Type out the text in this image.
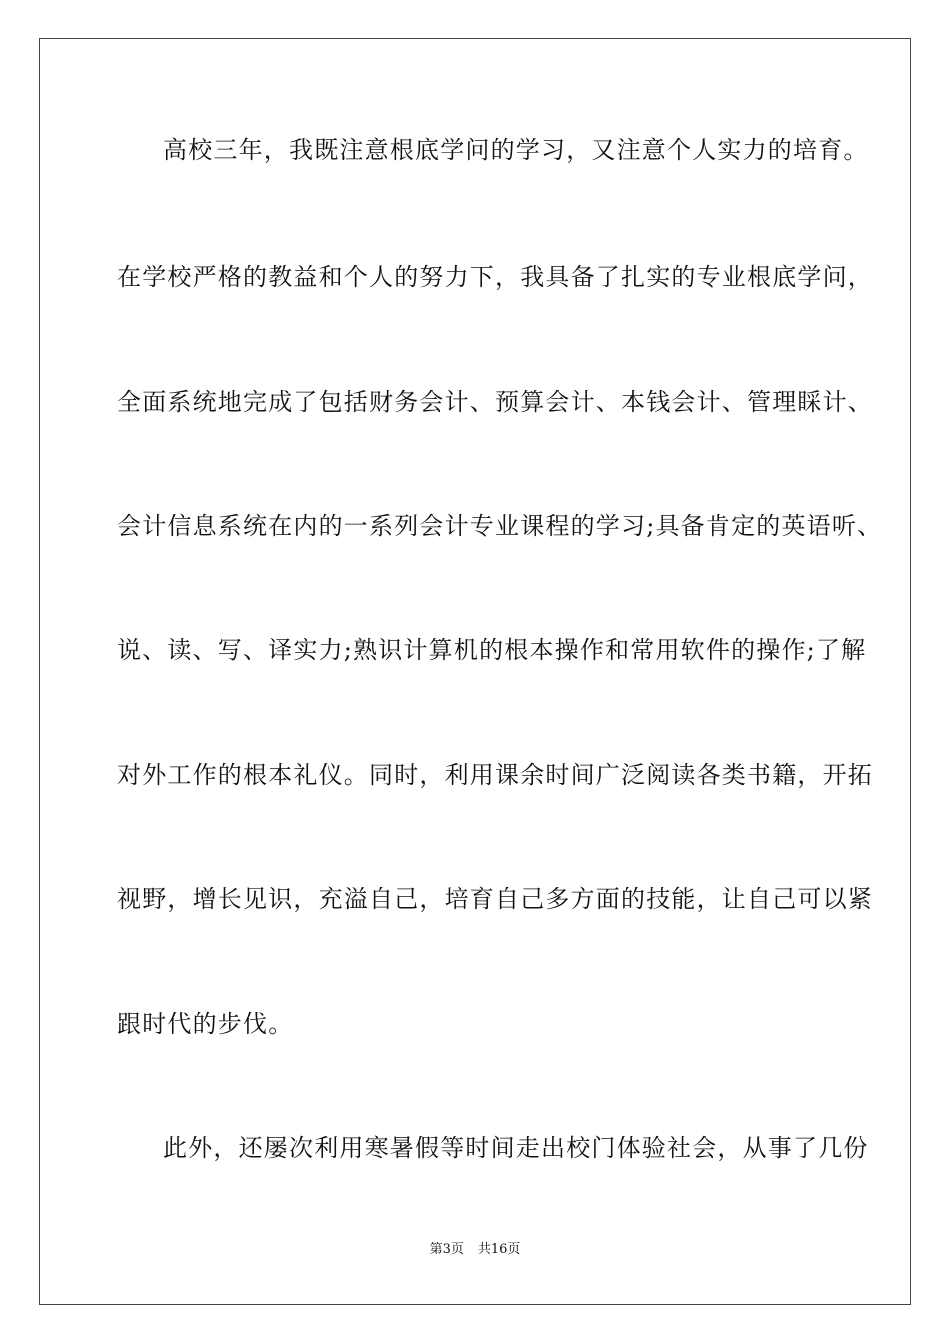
高校三年，我既注意根底学问的学习，又注意个人实力的培育。
在学校严格的教益和个人的努力下，我具备了扎实的专业根底学问，
全面系统地完成了包括财务会计、预算会计、本钱会计、管理睬计、
会计信息系统在内的一系列会计专业课程的学习;具备肯定的英语听、
说、读、写、译实力;熟识计算机的根本操作和常用软件的操作;了解
对外工作的根本礼仪。同时，利用课余时间广泛阅读各类书籍，开拓
视野，增长见识，充溢自己，培育自己多方面的技能，让自己可以紧
跟时代的步伐。
此外，还屡次利用寒暑假等时间走出校门体验社会，从事了几份
第3页 共16页
